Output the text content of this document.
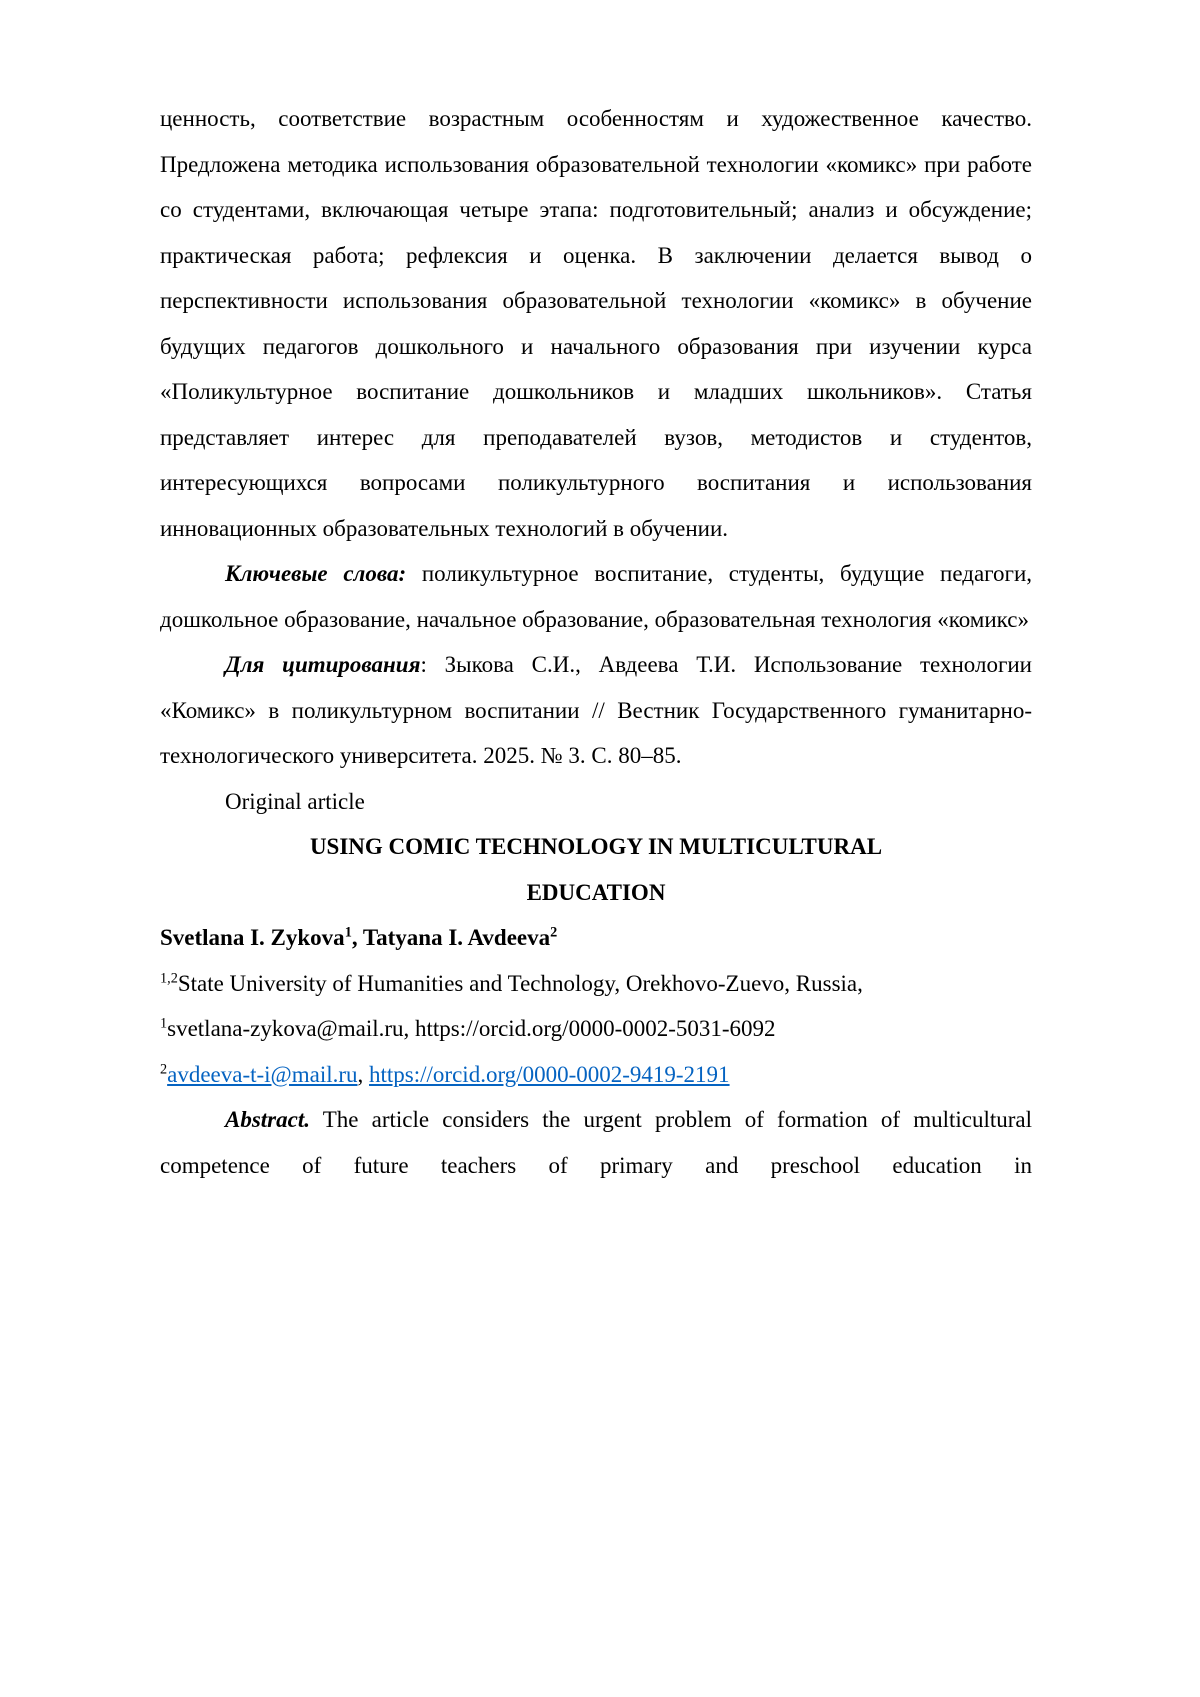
ценность, соответствие возрастным особенностям и художественное качество. Предложена методика использования образовательной технологии «комикс» при работе со студентами, включающая четыре этапа: подготовительный; анализ и обсуждение; практическая работа; рефлексия и оценка. В заключении делается вывод о перспективности использования образовательной технологии «комикс» в обучение будущих педагогов дошкольного и начального образования при изучении курса «Поликультурное воспитание дошкольников и младших школьников». Статья представляет интерес для преподавателей вузов, методистов и студентов, интересующихся вопросами поликультурного воспитания и использования инновационных образовательных технологий в обучении.

Ключевые слова: поликультурное воспитание, студенты, будущие педагоги, дошкольное образование, начальное образование, образовательная технология «комикс»

Для цитирования: Зыкова С.И., Авдеева Т.И. Использование технологии «Комикс» в поликультурном воспитании // Вестник Государственного гуманитарно-технологического университета. 2025. № 3. С. 80–85.

Original article

USING COMIC TECHNOLOGY IN MULTICULTURAL
EDUCATION

Svetlana I. Zykova$^1$, Tatyana I. Avdeeva$^2$

$^{1,2}$State University of Humanities and Technology, Orekhovo-Zuevo, Russia,

$^1$svetlana-zykova@mail.ru, https://orcid.org/0000-0002-5031-6092

$^2$avdeeva-t-i@mail.ru, https://orcid.org/0000-0002-9419-2191

Abstract. The article considers the urgent problem of formation of multicultural competence of future teachers of primary and preschool education in
